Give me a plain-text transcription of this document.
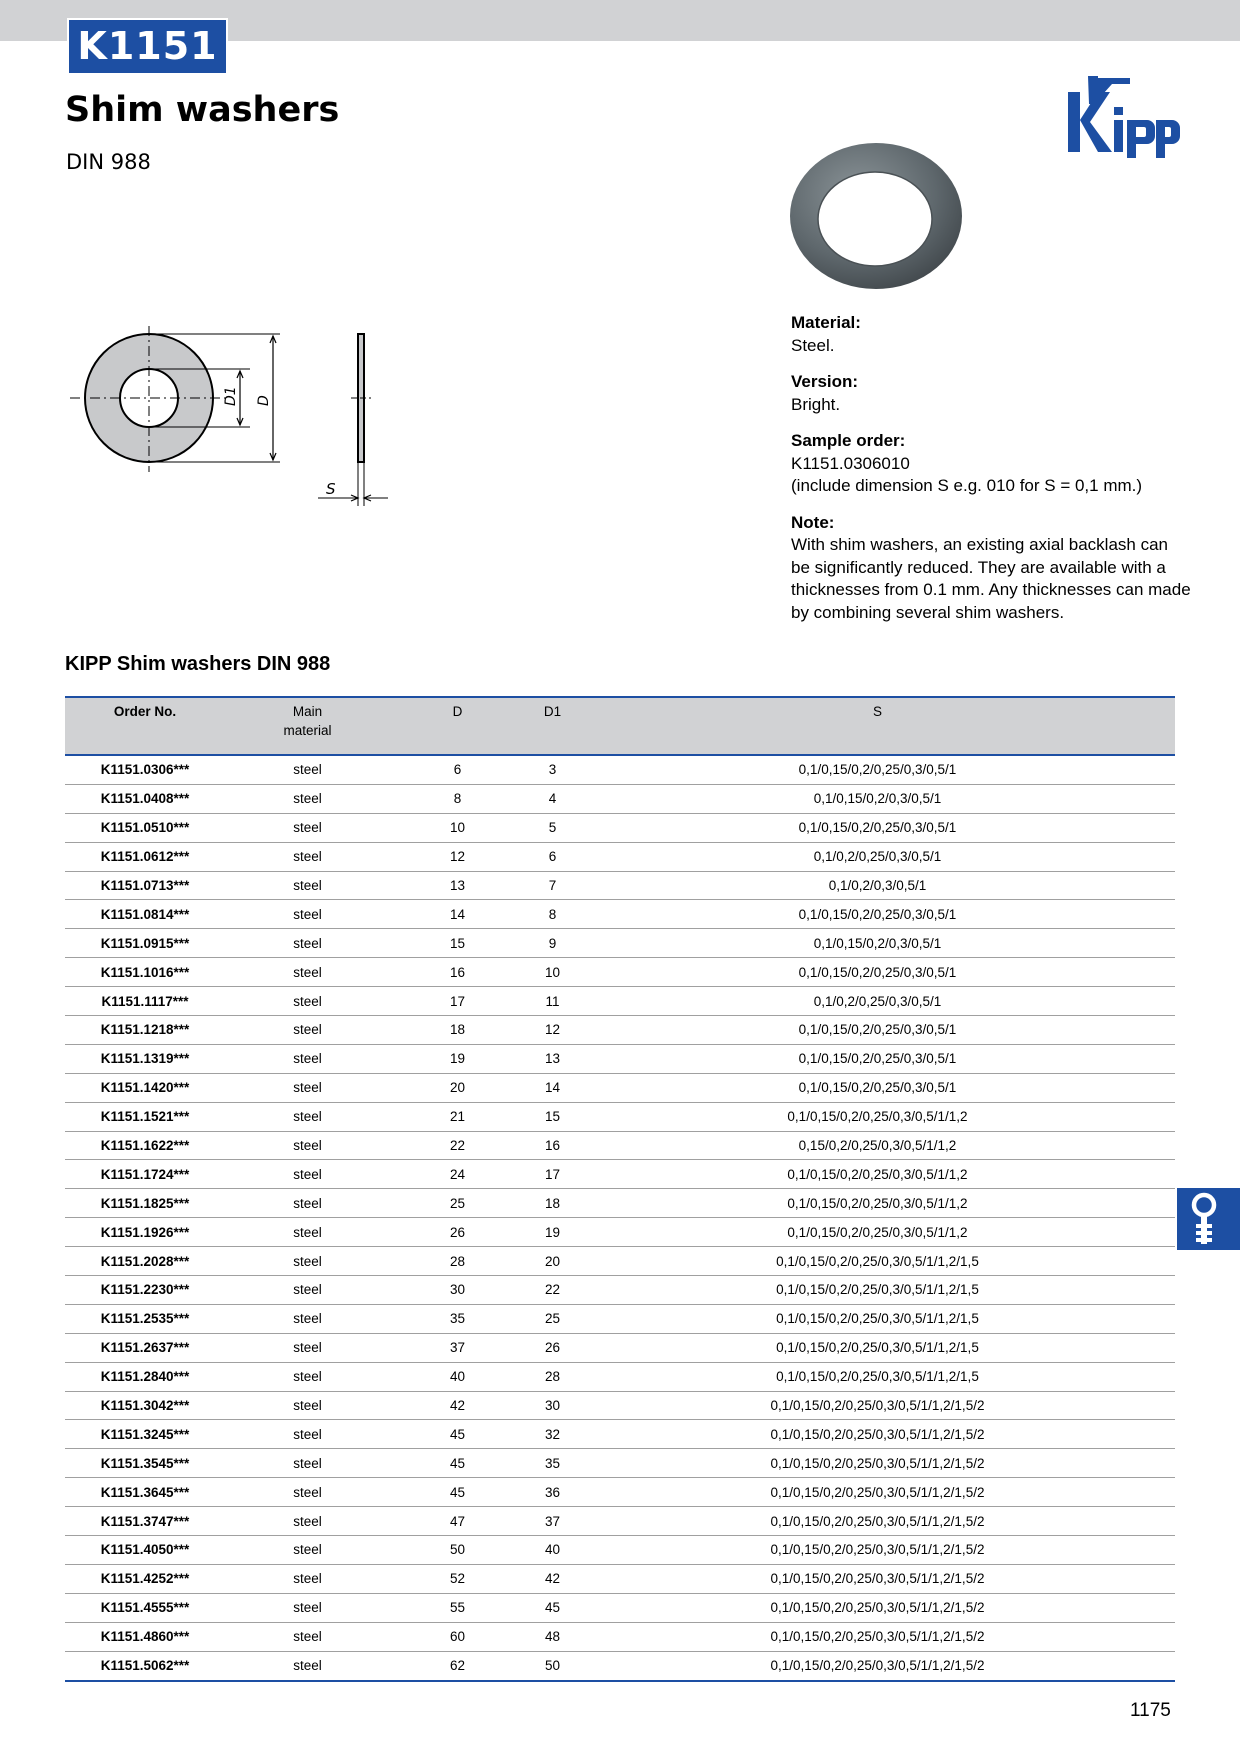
K1151
Shim washers
DIN 988
D1 D
S

Material:
Steel.

Version:
Bright.

Sample order:
K1151.0306010
(include dimension S e.g. 010 for S = 0,1 mm.)

Note:
With shim washers, an existing axial backlash can
be significantly reduced. They are available with a
thicknesses from 0.1 mm. Any thicknesses can made
by combining several shim washers.

KIPP Shim washers DIN 988
Order No.	Main
material	D	D1	S
K1151.0306***	steel	6	3	0,1/0,15/0,2/0,25/0,3/0,5/1
K1151.0408***	steel	8	4	0,1/0,15/0,2/0,3/0,5/1
K1151.0510***	steel	10	5	0,1/0,15/0,2/0,25/0,3/0,5/1
K1151.0612***	steel	12	6	0,1/0,2/0,25/0,3/0,5/1
K1151.0713***	steel	13	7	0,1/0,2/0,3/0,5/1
K1151.0814***	steel	14	8	0,1/0,15/0,2/0,25/0,3/0,5/1
K1151.0915***	steel	15	9	0,1/0,15/0,2/0,3/0,5/1
K1151.1016***	steel	16	10	0,1/0,15/0,2/0,25/0,3/0,5/1
K1151.1117***	steel	17	11	0,1/0,2/0,25/0,3/0,5/1
K1151.1218***	steel	18	12	0,1/0,15/0,2/0,25/0,3/0,5/1
K1151.1319***	steel	19	13	0,1/0,15/0,2/0,25/0,3/0,5/1
K1151.1420***	steel	20	14	0,1/0,15/0,2/0,25/0,3/0,5/1
K1151.1521***	steel	21	15	0,1/0,15/0,2/0,25/0,3/0,5/1/1,2
K1151.1622***	steel	22	16	0,15/0,2/0,25/0,3/0,5/1/1,2
K1151.1724***	steel	24	17	0,1/0,15/0,2/0,25/0,3/0,5/1/1,2
K1151.1825***	steel	25	18	0,1/0,15/0,2/0,25/0,3/0,5/1/1,2
K1151.1926***	steel	26	19	0,1/0,15/0,2/0,25/0,3/0,5/1/1,2
K1151.2028***	steel	28	20	0,1/0,15/0,2/0,25/0,3/0,5/1/1,2/1,5
K1151.2230***	steel	30	22	0,1/0,15/0,2/0,25/0,3/0,5/1/1,2/1,5
K1151.2535***	steel	35	25	0,1/0,15/0,2/0,25/0,3/0,5/1/1,2/1,5
K1151.2637***	steel	37	26	0,1/0,15/0,2/0,25/0,3/0,5/1/1,2/1,5
K1151.2840***	steel	40	28	0,1/0,15/0,2/0,25/0,3/0,5/1/1,2/1,5
K1151.3042***	steel	42	30	0,1/0,15/0,2/0,25/0,3/0,5/1/1,2/1,5/2
K1151.3245***	steel	45	32	0,1/0,15/0,2/0,25/0,3/0,5/1/1,2/1,5/2
K1151.3545***	steel	45	35	0,1/0,15/0,2/0,25/0,3/0,5/1/1,2/1,5/2
K1151.3645***	steel	45	36	0,1/0,15/0,2/0,25/0,3/0,5/1/1,2/1,5/2
K1151.3747***	steel	47	37	0,1/0,15/0,2/0,25/0,3/0,5/1/1,2/1,5/2
K1151.4050***	steel	50	40	0,1/0,15/0,2/0,25/0,3/0,5/1/1,2/1,5/2
K1151.4252***	steel	52	42	0,1/0,15/0,2/0,25/0,3/0,5/1/1,2/1,5/2
K1151.4555***	steel	55	45	0,1/0,15/0,2/0,25/0,3/0,5/1/1,2/1,5/2
K1151.4860***	steel	60	48	0,1/0,15/0,2/0,25/0,3/0,5/1/1,2/1,5/2
K1151.5062***	steel	62	50	0,1/0,15/0,2/0,25/0,3/0,5/1/1,2/1,5/2
1175
